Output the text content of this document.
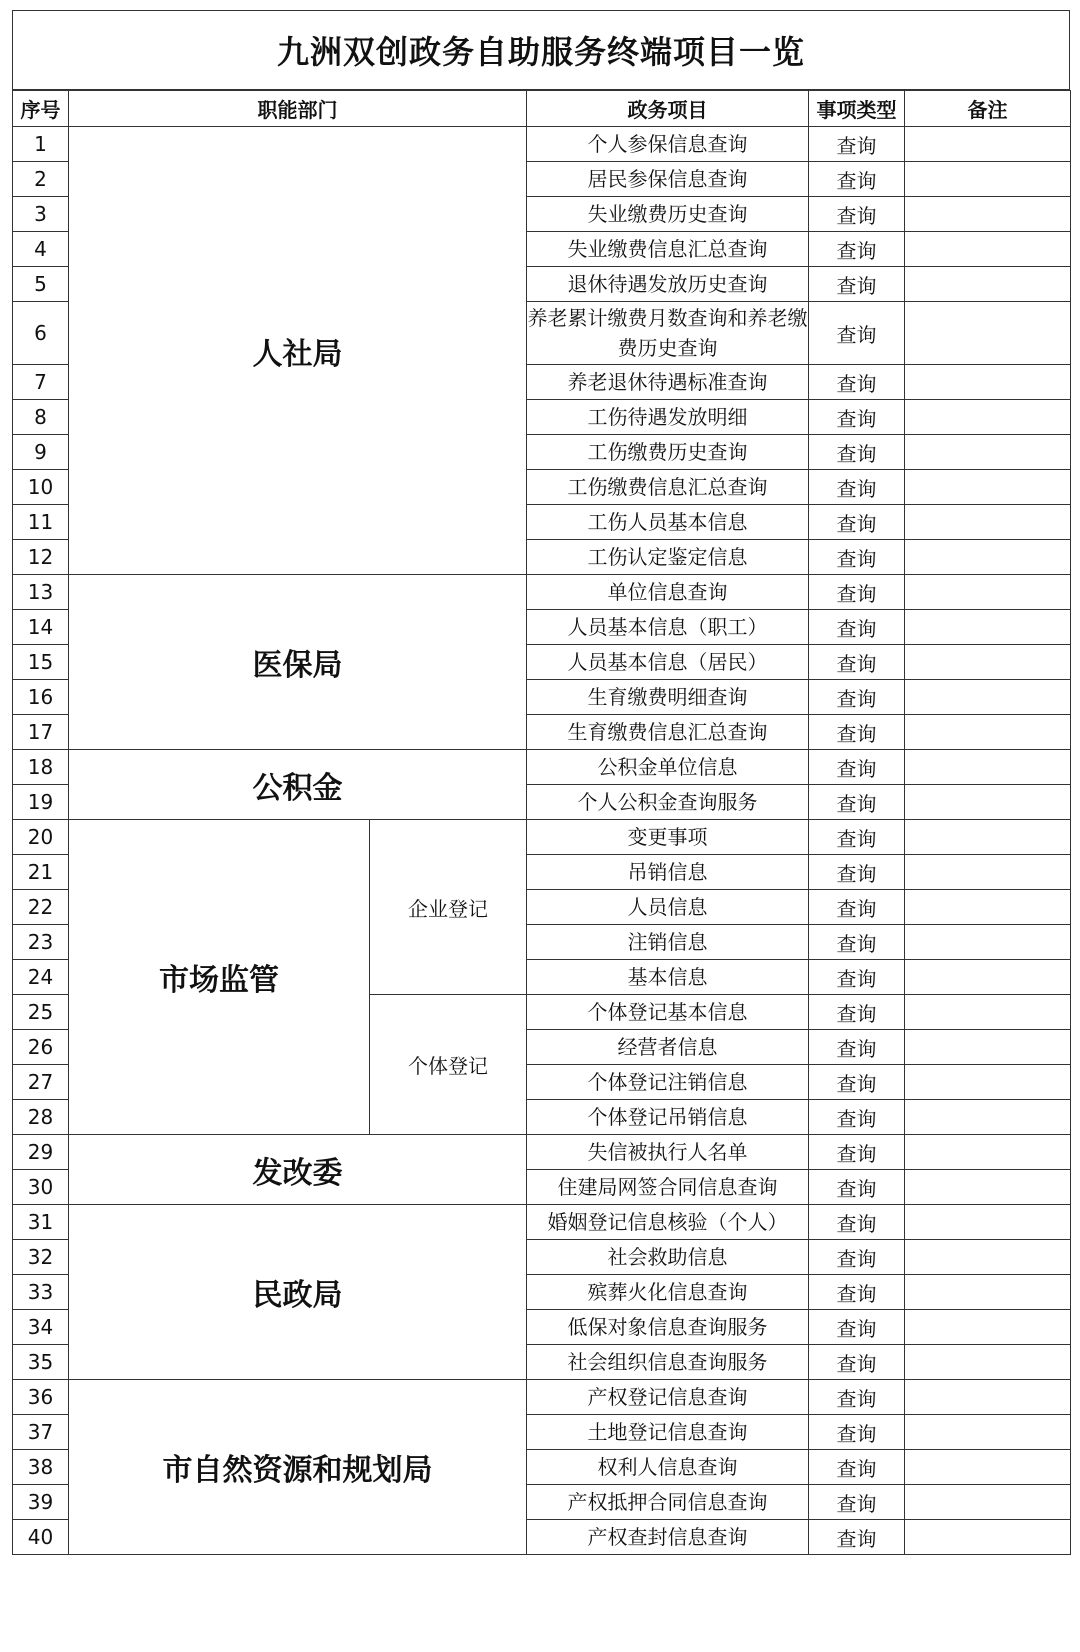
九洲双创政务自助服务终端项目一览
序号	职能部门		政务项目	事项类型	备注
1	人社局		个人参保信息查询	查询	
2			居民参保信息查询	查询	
3			失业缴费历史查询	查询	
4			失业缴费信息汇总查询	查询	
5			退休待遇发放历史查询	查询	
6			养老累计缴费月数查询和养老缴费历史查询	查询	
7			养老退休待遇标准查询	查询	
8			工伤待遇发放明细	查询	
9			工伤缴费历史查询	查询	
10			工伤缴费信息汇总查询	查询	
11			工伤人员基本信息	查询	
12			工伤认定鉴定信息	查询	
13	医保局		单位信息查询	查询	
14			人员基本信息（职工）	查询	
15			人员基本信息（居民）	查询	
16			生育缴费明细查询	查询	
17			生育缴费信息汇总查询	查询	
18	公积金		公积金单位信息	查询	
19			个人公积金查询服务	查询	
20	市场监管	企业登记	变更事项	查询	
21			吊销信息	查询	
22			人员信息	查询	
23			注销信息	查询	
24			基本信息	查询	
25		个体登记	个体登记基本信息	查询	
26			经营者信息	查询	
27			个体登记注销信息	查询	
28			个体登记吊销信息	查询	
29	发改委		失信被执行人名单	查询	
30			住建局网签合同信息查询	查询	
31	民政局		婚姻登记信息核验（个人）	查询	
32			社会救助信息	查询	
33			殡葬火化信息查询	查询	
34			低保对象信息查询服务	查询	
35			社会组织信息查询服务	查询	
36	市自然资源和规划局		产权登记信息查询	查询	
37			土地登记信息查询	查询	
38			权利人信息查询	查询	
39			产权抵押合同信息查询	查询	
40			产权查封信息查询	查询	
